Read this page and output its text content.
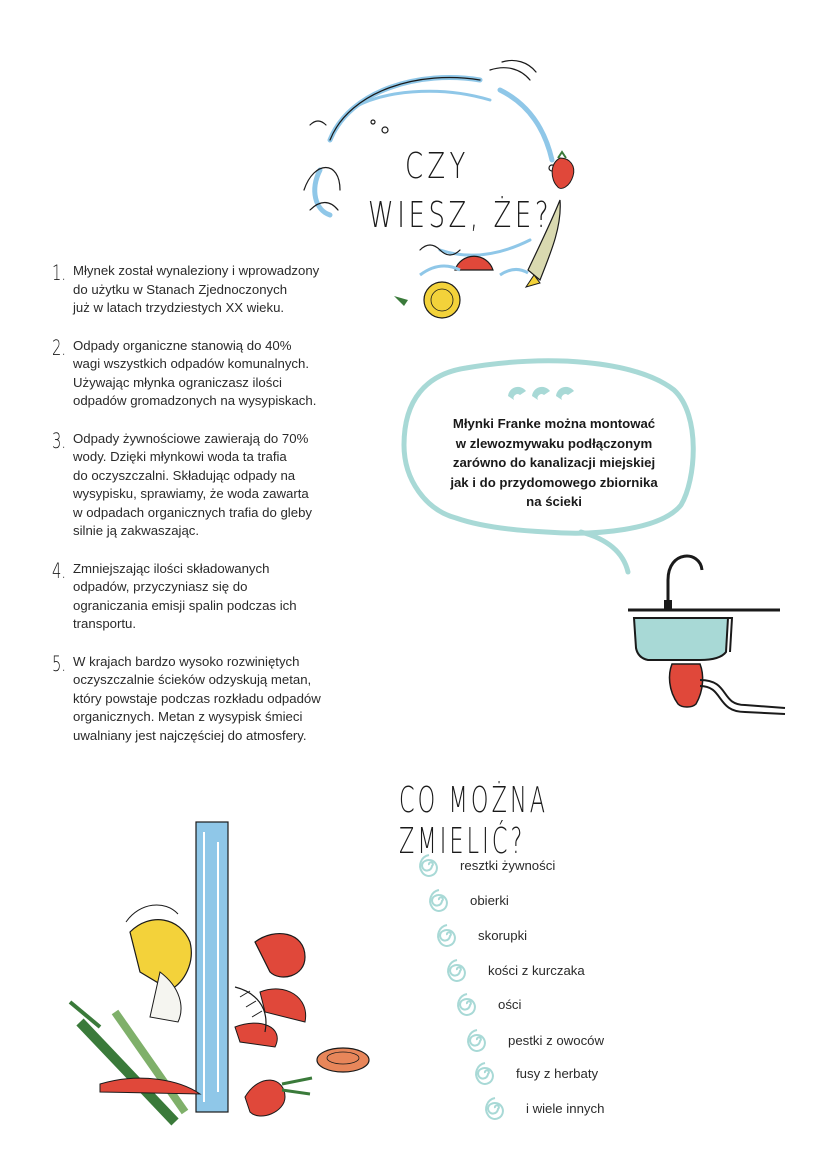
CZY
WIESZ, ŻE?
1. Młynek został wynaleziony i wprowadzony
do użytku w Stanach Zjednoczonych
już w latach trzydziestych XX wieku.
2. Odpady organiczne stanowią do 40%
wagi wszystkich odpadów komunalnych.
Używając młynka ograniczasz ilości
odpadów gromadzonych na wysypiskach.
3. Odpady żywnościowe zawierają do 70%
wody. Dzięki młynkowi woda ta trafia
do oczyszczalni. Składując odpady na
wysypisku, sprawiamy, że woda zawarta
w odpadach organicznych trafia do gleby
silnie ją zakwaszając.
4. Zmniejszając ilości składowanych
odpadów, przyczyniasz się do
ograniczania emisji spalin podczas ich
transportu.
5. W krajach bardzo wysoko rozwiniętych
oczyszczalnie ścieków odzyskują metan,
który powstaje podczas rozkładu odpadów
organicznych. Metan z wysypisk śmieci
uwalniany jest najczęściej do atmosfery.
Młynki Franke można montować
w zlewozmywaku podłączonym
zarówno do kanalizacji miejskiej
jak i do przydomowego zbiornika
na ścieki
CO MOŻNA ZMIELIĆ?
resztki żywności
obierki
skorupki
kości z kurczaka
ości
pestki z owoców
fusy z herbaty
i wiele innych
